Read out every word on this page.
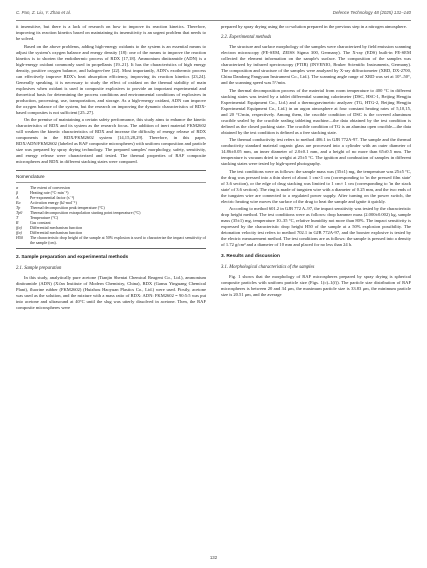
C. Pan, Z. Liu, Y. Zhao et al.	Defence Technology 48 (2025) 131–140

it insensitive, but there is a lack of research on how to improve its reaction kinetics. Therefore, improving its reaction kinetics based on maintaining its insensitivity is an urgent problem that needs to be solved.

Based on the above problems, adding high-energy oxidants to the system is an essential means to adjust the system's oxygen balance and energy density [18]: one of the means to improve the reaction kinetics is to shorten the endothermic process of RDX [17,18]. Ammonium dinitramide (ADN) is a high-energy oxidant commonly used in propellants [19–21]. It has the characteristics of high energy density, positive oxygen balance, and halogen-free [22]. Most importantly, ADN's exothermic process can effectively improve RDX's heat absorption efficiency, improving its reaction kinetics [23,24]. Generally speaking, it is necessary to study the effect of oxidant on the thermal stability of main explosives when oxidant is used in composite explosives to provide an important experimental and theoretical basis for determining the process conditions and environmental conditions of explosives in production, processing, use, transportation, and storage. As a high-energy oxidant, ADN can improve the oxygen balance of the system, but the research on improving the dynamic characteristics of RDX-based composites is not sufficient [25–27].

On the premise of maintaining a certain safety performance, this study aims to enhance the kinetic characteristics of RDX and its system as the research focus. The addition of inert material FKM2602 will weaken the kinetic characteristics of RDX and increase the difficulty of energy release of RDX components in the RDX/FKM2602 system [14,15,28,29]. Therefore, in this paper, RDX/ADN/FKM2602 (labeled as RAF composite microspheres) with uniform composition and particle size was prepared by spray drying technology. The prepared samples' morphology, safety, sensitivity, and energy release were characterized and tested. The thermal properties of RAF composite microspheres and RDX in different stacking states were compared.

Nomenclature
α	The extent of conversion
β	Heating rate (°C·min⁻¹)
A	Pre-exponential factor (s⁻¹)
Ea	Activation energy (kJ·mol⁻¹)
Tp	Thermal decomposition peak temperature (°C)
Tp0	Thermal decomposition extrapolation starting point temperature (°C)
T	Temperature (°C)
R	Gas constant
f(α)	Differential mechanism function
f(α)	Differential mechanism function
H50	The characteristic drop height of the sample at 50% explosion is used to characterize the impact sensitivity of the sample (cm).
2. Sample preparation and experimental methods
2.1. Sample preparation

In this study, analytically pure acetone (Tianjin Shentai Chemical Reagent Co., Ltd.), ammonium dinitramide (ADN) (Xi'an Institute of Modern Chemistry, China), RDX (Gansu Yinguang Chemical Plant), fluorine rubber (FKM2602) (Huizhou Haoyuan Plastics Co., Ltd.) were used. Firstly, acetone was used as the solution, and the mixture with a mass ratio of RDX: ADN: FKM2602 = 90:5:5 was put into acetone and ultrasound at 40°C until the slug was utterly dissolved in acetone. Then, the RAF composite microspheres were

prepared by spray drying using the co-solution prepared in the previous step in a nitrogen atmosphere.

2.2. Experimental methods

The structure and surface morphology of the samples were characterized by field emission scanning electron microscopy (FE-SEM, ZEISS Sigma 300, Germany). The X-ray (EDS) built-in FE-SEM collected the element information on the sample's surface. The composition of the samples was characterized by infrared spectroscopy (FTIR) (INVENIO, Bruker Scientific Instruments, Germany). The composition and structure of the samples were analyzed by X-ray diffractometer (XRD, DX-2700, China Dandong Fangyuan Instrument Co., Ltd.). The scanning angle range of XRD was set at 10°–50°, and the scanning speed was 5°/min.

The thermal decomposition process of the material from room temperature to 400 °C in different stacking states was tested by a tablet differential scanning calorimeter (DSC, HSC-1, Beijing Hengjiu Experimental Equipment Co., Ltd.) and a thermogravimetric analyzer (TG, HTG-2, Beijing Hengjiu Experimental Equipment Co., Ltd.) in an argon atmosphere at four constant heating rates of 5,10,15, and 20 °C/min, respectively. Among them, the crucible condition of DSC is the covered aluminum crucible sealed by the crucible sealing tableting machine—the data obtained by the test condition is defined as the closed packing state. The crucible condition of TG is an alumina open crucible—the data obtained by the test condition is defined as a free stacking state.

The thermal conductivity test refers to method 406.1 in GJB 772A-97. The sample and the thermal conductivity standard material organic glass are processed into a cylinder with an outer diameter of 14.86±0.05 mm, an inner diameter of 2.0±0.1 mm, and a height of no more than 65±0.5 mm. The temperature is vacuum dried to weight at 25±5 °C. The ignition and combustion of samples in different stacking states were tested by high-speed photography.

The test conditions were as follows: the sample mass was (35±1) mg, the temperature was 25±5 °C, the drug was pressed into a thin sheet of about 1 cm×1 cm (corresponding to 'in the pressed film state' of 3.6 section), or the edge of drug stacking was limited to 1 cm× 1 cm (corresponding to 'in the stack state' of 3.6 section). The ring is made of tungsten wire with a diameter of 0.25 mm, and the two ends of the tungsten wire are connected to a regulated power supply. After turning on the power switch, the electric heating wire moves the surface of the drug to heat the sample and ignite it quickly.

According to method 601.2 in GJB 772 A–97, the impact sensitivity was tested by the characteristic drop height method. The test conditions were as follows: drop hammer mass (2.000±0.002) kg, sample mass (35±1) mg, temperature 10–35 °C, relative humidity not more than 80%. The impact sensitivity is expressed by the characteristic drop height H50 of the sample at a 50% explosion possibility. The detonation velocity test refers to method 702.1 in GJB 772A-97, and the booster explosive is tested by the electric measurement method. The test conditions are as follows: the sample is pressed into a density of 1.72 g/cm³ and a diameter of 10 mm and placed for no less than 24 h.

3. Results and discussion
3.1. Morphological characteristics of the samples

Fig. 1 shows that the morphology of RAF microspheres prepared by spray drying is spherical composite particles with uniform particle size (Figs. 1(c)–1(f)). The particle size distribution of RAF microspheres is between 20 and 34 μm, the maximum particle size is 33.83 μm, the minimum particle size is 20.51 μm, and the average

132
